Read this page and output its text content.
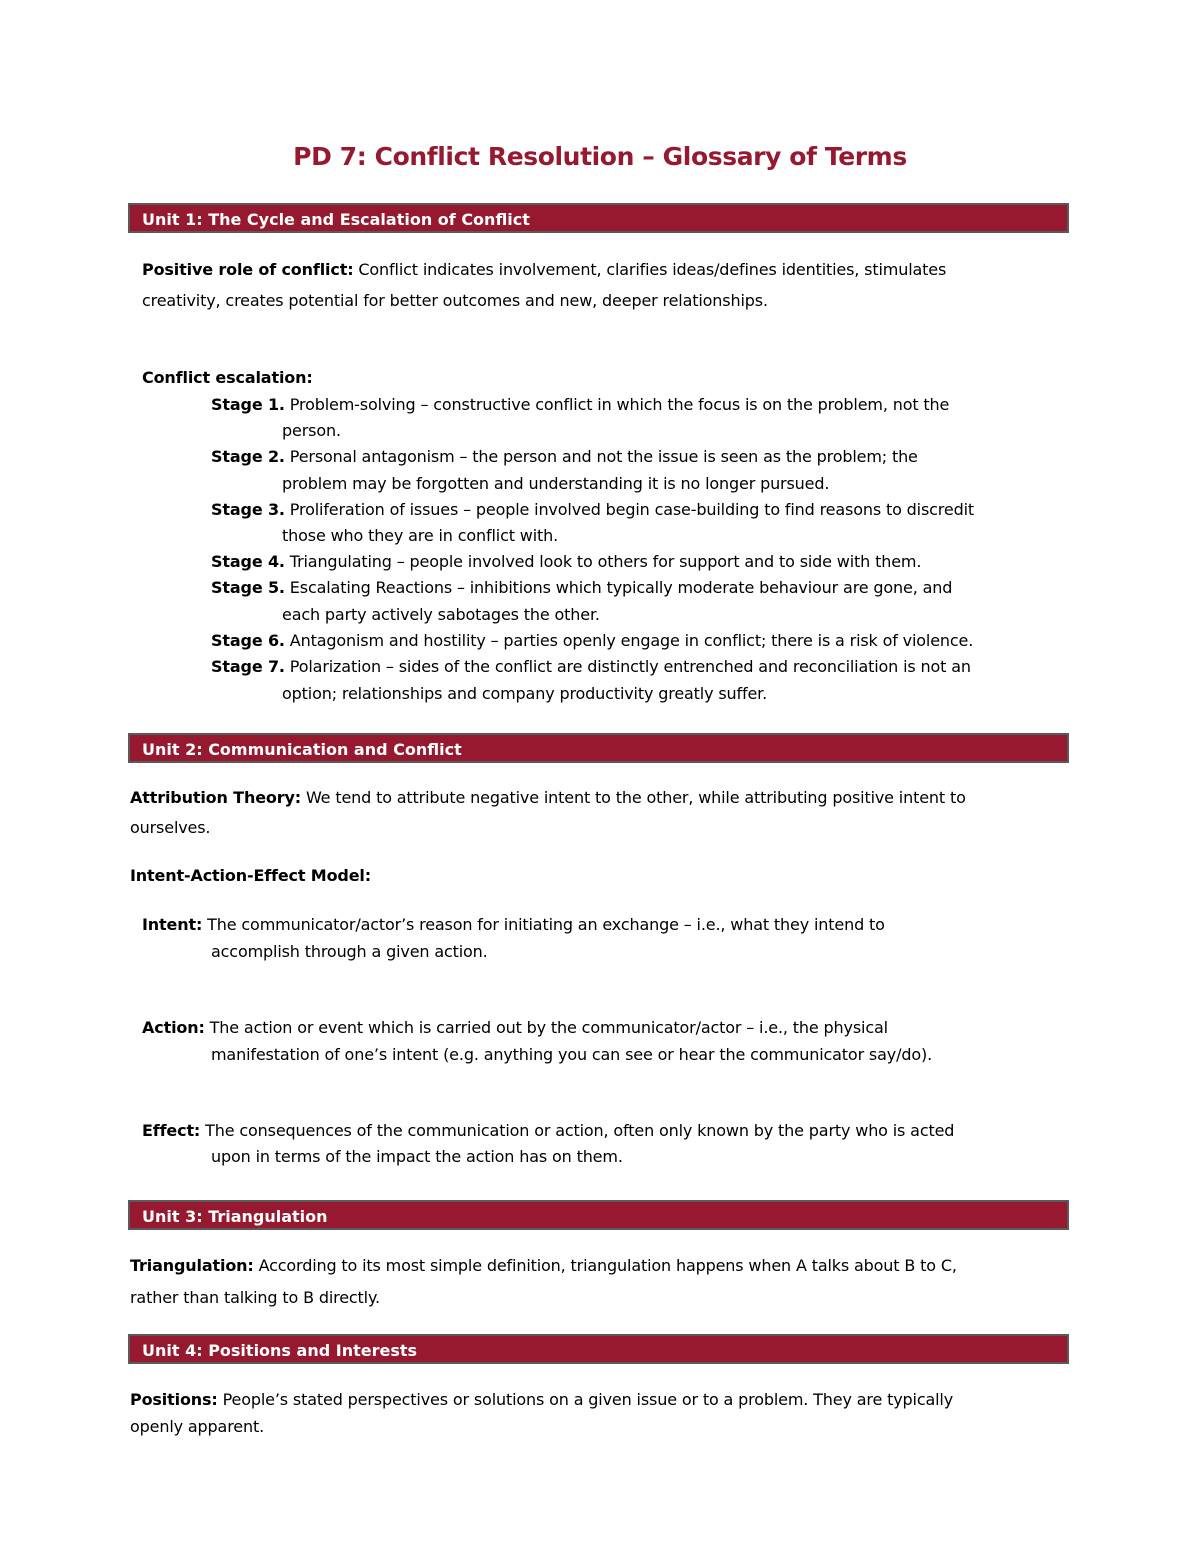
PD 7: Conflict Resolution – Glossary of Terms
Unit 1: The Cycle and Escalation of Conflict
Positive role of conflict: Conflict indicates involvement, clarifies ideas/defines identities, stimulates
creativity, creates potential for better outcomes and new, deeper relationships.
Conflict escalation:
Stage 1. Problem-solving – constructive conflict in which the focus is on the problem, not the
person.
Stage 2. Personal antagonism – the person and not the issue is seen as the problem; the
problem may be forgotten and understanding it is no longer pursued.
Stage 3. Proliferation of issues – people involved begin case-building to find reasons to discredit
those who they are in conflict with.
Stage 4. Triangulating – people involved look to others for support and to side with them.
Stage 5. Escalating Reactions – inhibitions which typically moderate behaviour are gone, and
each party actively sabotages the other.
Stage 6. Antagonism and hostility – parties openly engage in conflict; there is a risk of violence.
Stage 7. Polarization – sides of the conflict are distinctly entrenched and reconciliation is not an
option; relationships and company productivity greatly suffer.
Unit 2: Communication and Conflict
Attribution Theory: We tend to attribute negative intent to the other, while attributing positive intent to
ourselves.
Intent-Action-Effect Model:
Intent: The communicator/actor’s reason for initiating an exchange – i.e., what they intend to
accomplish through a given action.
Action: The action or event which is carried out by the communicator/actor – i.e., the physical
manifestation of one’s intent (e.g. anything you can see or hear the communicator say/do).
Effect: The consequences of the communication or action, often only known by the party who is acted
upon in terms of the impact the action has on them.
Unit 3: Triangulation
Triangulation: According to its most simple definition, triangulation happens when A talks about B to C,
rather than talking to B directly.
Unit 4: Positions and Interests
Positions: People’s stated perspectives or solutions on a given issue or to a problem. They are typically
openly apparent.
